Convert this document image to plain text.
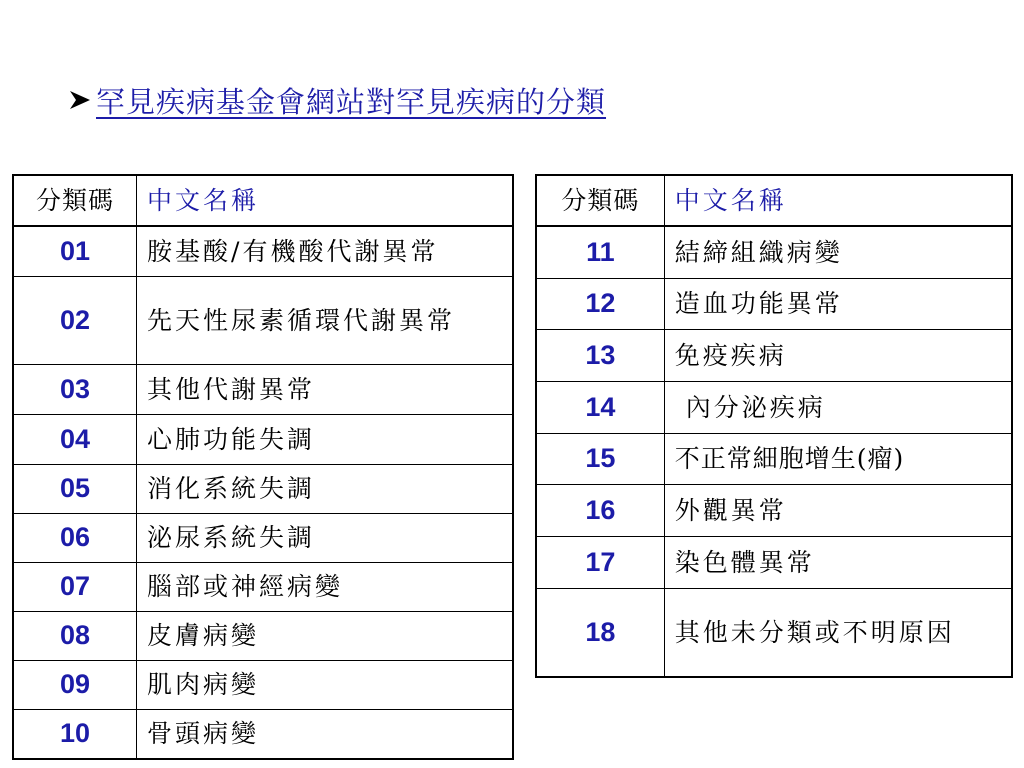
罕見疾病基金會網站對罕見疾病的分類
分類碼	中文名稱
01	胺基酸/有機酸代謝異常
02	先天性尿素循環代謝異常
03	其他代謝異常
04	心肺功能失調
05	消化系統失調
06	泌尿系統失調
07	腦部或神經病變
08	皮膚病變
09	肌肉病變
10	骨頭病變
分類碼	中文名稱
11	結締組織病變
12	造血功能異常
13	免疫疾病
14	內分泌疾病
15	不正常細胞增生(瘤)
16	外觀異常
17	染色體異常
18	其他未分類或不明原因
